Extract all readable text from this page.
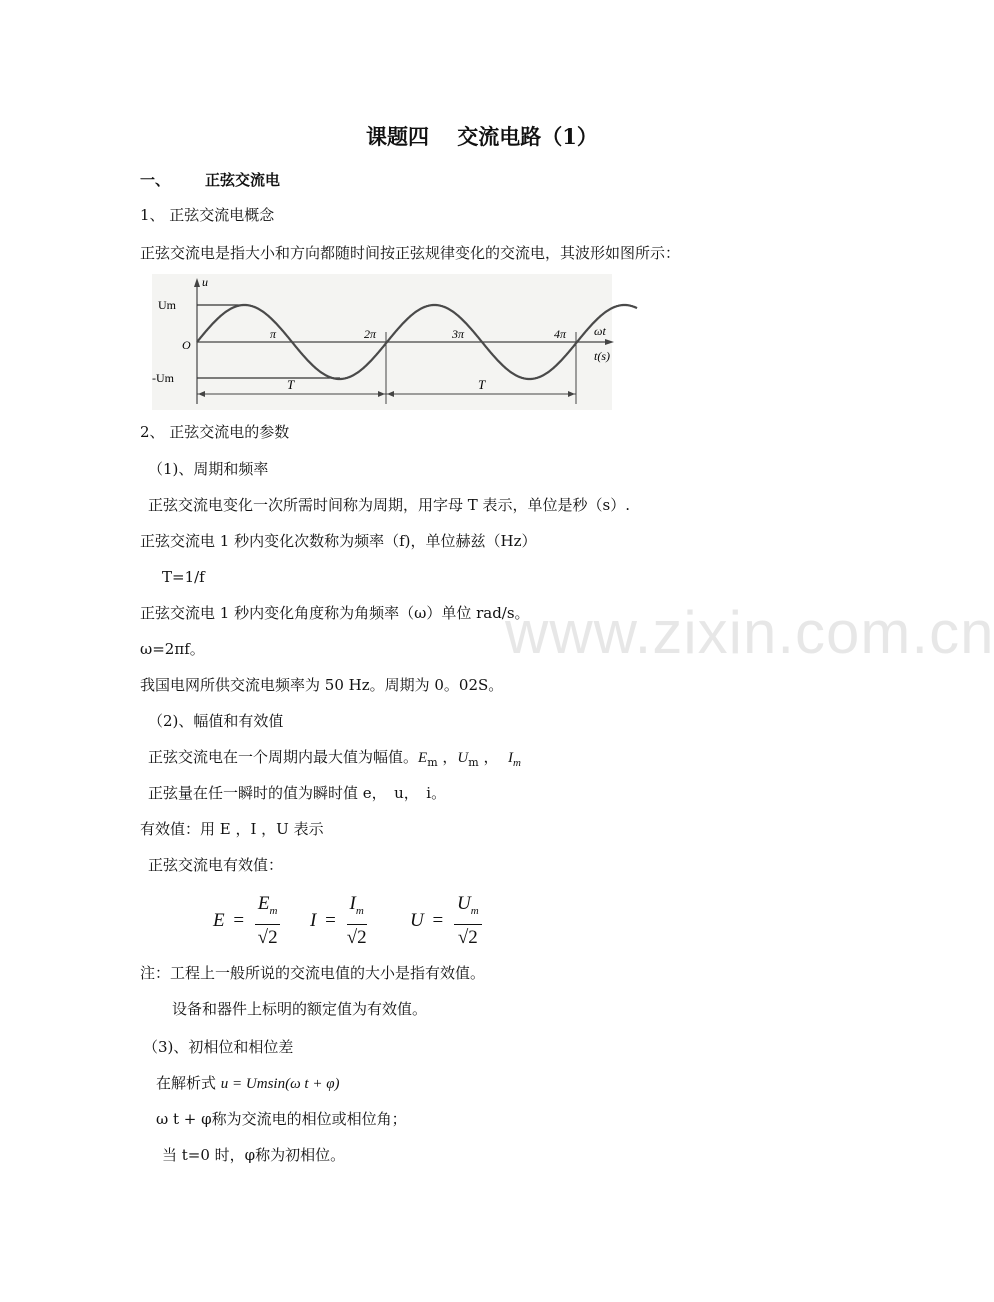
www.zixin.com.cn
课题四　 交流电路（1）
一、 正弦交流电
1、 正弦交流电概念
正弦交流电是指大小和方向都随时间按正弦规律变化的交流电，其波形如图所示：
u
Um
-Um
O
π	2π	3π	4π ωt
t(s)
T	T
2、 正弦交流电的参数
（1)、周期和频率
正弦交流电变化一次所需时间称为周期，用字母 T 表示，单位是秒（s）.
正弦交流电 1 秒内变化次数称为频率（f)，单位赫兹（Hz）
T=1/f
正弦交流电 1 秒内变化角度称为角频率（ω）单位 rad/s。
ω=2πf。
我国电网所供交流电频率为 50 Hz。周期为 0。02S。
（2)、幅值和有效值
正弦交流电在一个周期内最大值为幅值。$E_m$ ，$U_m$ ， $I_m$
正弦量在任一瞬时的值为瞬时值 e，　u，　i。
有效值：用 E ，I ，U 表示
正弦交流电有效值：
$E = \frac{E_m}{√2}$ $I = \frac{I_m}{√2}$ $U = \frac{U_m}{√2}$
注：工程上一般所说的交流电值的大小是指有效值。
设备和器件上标明的额定值为有效值。
（3)、初相位和相位差
在解析式 u = Umsin(ω t + φ)
ω t + φ称为交流电的相位或相位角；
当 t=0 时，φ称为初相位。
